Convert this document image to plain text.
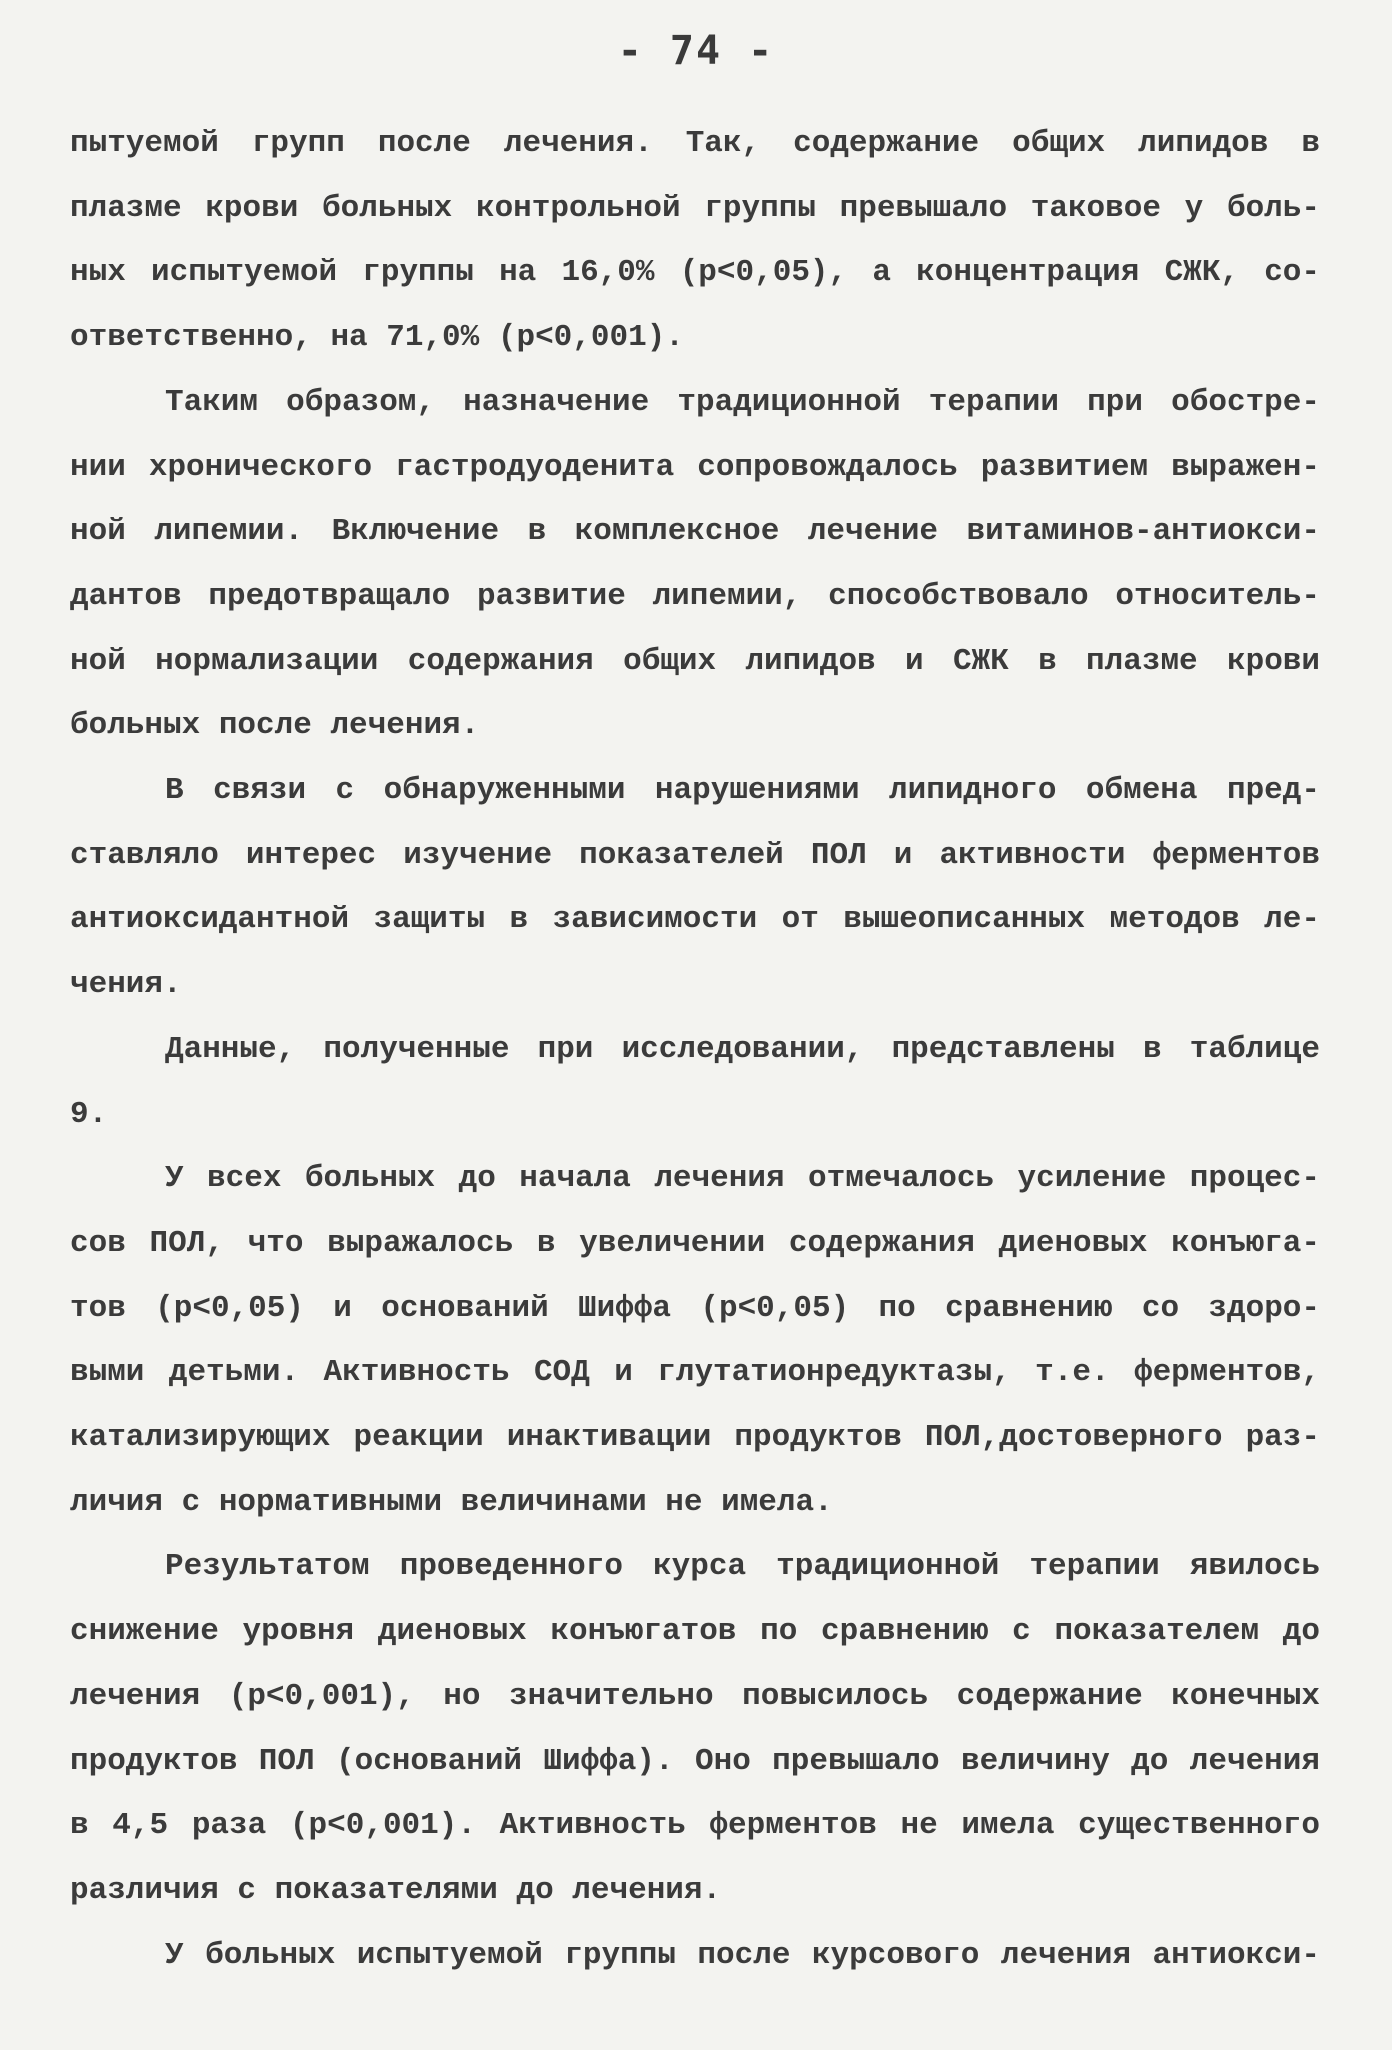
- 74 -

пытуемой групп после лечения. Так, содержание общих липидов в
плазме крови больных контрольной группы превышало таковое у боль-
ных испытуемой группы на 16,0% (p<0,05), а концентрация СЖК, со-
ответственно, на 71,0% (p<0,001).

Таким образом, назначение традиционной терапии при обостре-
нии хронического гастродуоденита сопровождалось развитием выражен-
ной липемии. Включение в комплексное лечение витаминов-антиокси-
дантов предотвращало развитие липемии, способствовало относитель-
ной нормализации содержания общих липидов и СЖК в плазме крови
больных после лечения.

В связи с обнаруженными нарушениями липидного обмена пред-
ставляло интерес изучение показателей ПОЛ и активности ферментов
антиоксидантной защиты в зависимости от вышеописанных методов ле-
чения.

Данные, полученные при исследовании, представлены в таблице
9.

У всех больных до начала лечения отмечалось усиление процес-
сов ПОЛ, что выражалось в увеличении содержания диеновых конъюга-
тов (p<0,05) и оснований Шиффа (p<0,05) по сравнению со здоро-
выми детьми. Активность СОД и глутатионредуктазы, т.е. ферментов,
катализирующих реакции инактивации продуктов ПОЛ,достоверного раз-
личия с нормативными величинами не имела.

Результатом проведенного курса традиционной терапии явилось
снижение уровня диеновых конъюгатов по сравнению с показателем до
лечения (p<0,001), но значительно повысилось содержание конечных
продуктов ПОЛ (оснований Шиффа). Оно превышало величину до лечения
в 4,5 раза (p<0,001). Активность ферментов не имела существенного
различия с показателями до лечения.

У больных испытуемой группы после курсового лечения антиокси-
